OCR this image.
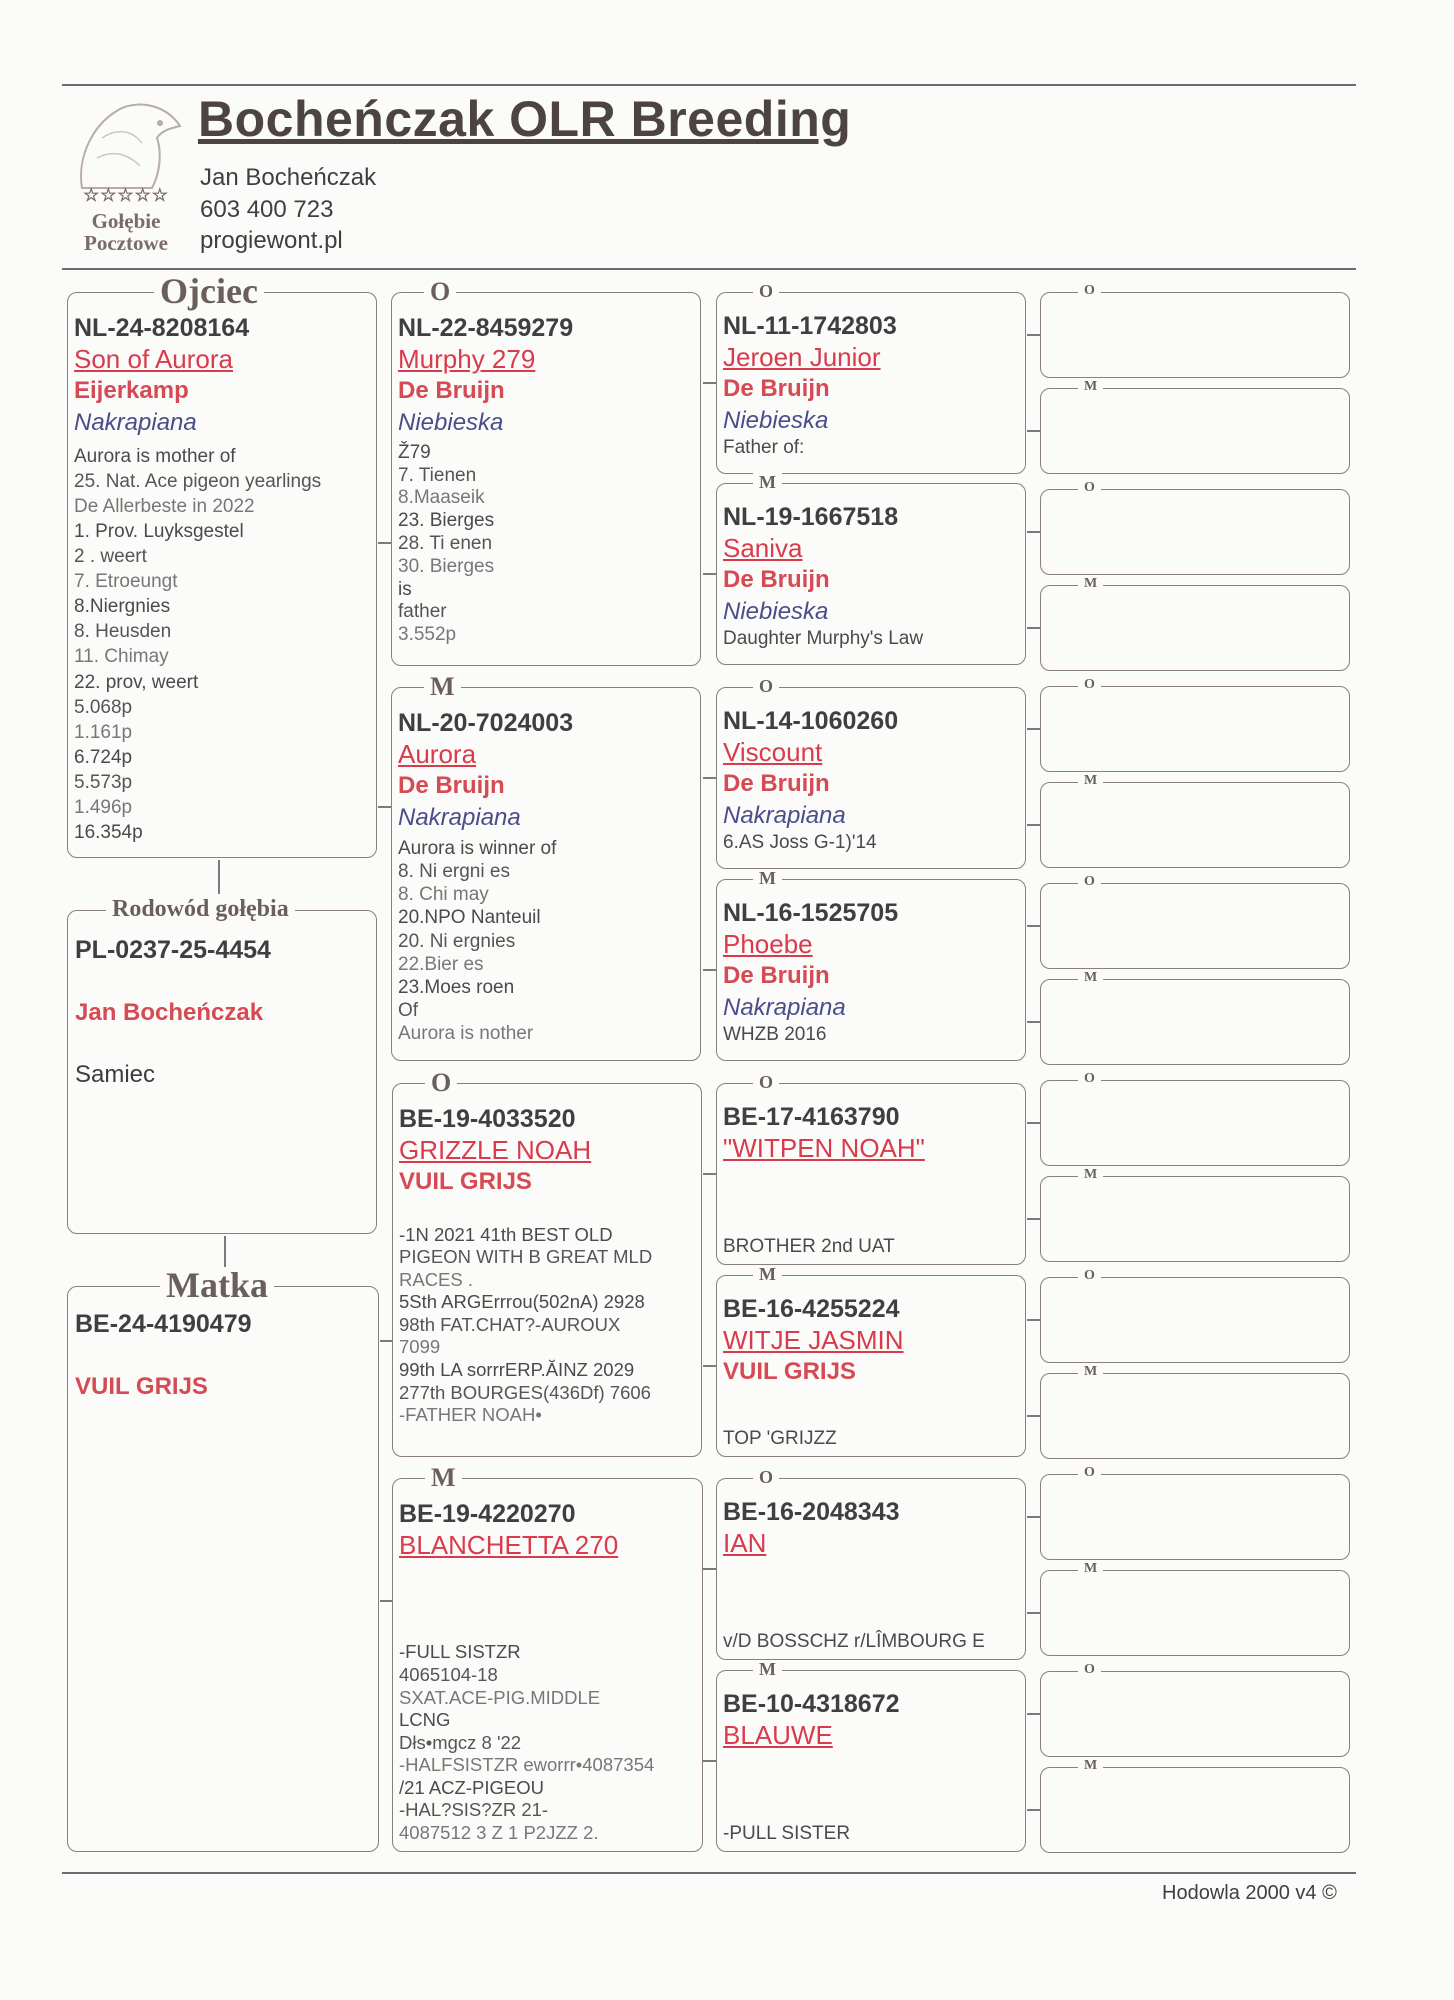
☆☆☆☆☆
Gołębie
Pocztowe
Bocheńczak OLR Breeding
Jan Bocheńczak
603 400 723
progiewont.pl
Ojciec
NL-24-8208164
Son of Aurora
Eijerkamp
Nakrapiana
Aurora is mother of
25. Nat. Ace pigeon yearlings
De Allerbeste in 2022
1. Prov. Luyksgestel
2 . weert
7. Etroeungt
8.Niergnies
8. Heusden
11. Chimay
22. prov, weert
5.068p
1.161p
6.724p
5.573p
1.496p
16.354p
Rodowód gołębia
PL-0237-25-4454
Jan Bocheńczak
Samiec
Matka
BE-24-4190479
VUIL GRIJS
O
NL-22-8459279
Murphy 279
De Bruijn
Niebieska
Ž79
7. Tienen
8.Maaseik
23. Bierges
28. Ti enen
30. Bierges
is
father
3.552p
M
NL-20-7024003
Aurora
De Bruijn
Nakrapiana
Aurora is winner of
8. Ni ergni es
8. Chi may
20.NPO Nanteuil
20. Ni ergnies
22.Bier es
23.Moes roen
Of
Aurora is nother
O
BE-19-4033520
GRIZZLE NOAH
VUIL GRIJS
-1N 2021 41th BEST OLD
PIGEON WITH B GREAT MLD
RACES .
5Sth ARGErrrou(502nA) 2928
98th FAT.CHAT?-AUROUX
7099
99th LA sorrrERP.ĂINZ 2029
277th BOURGES(436Df) 7606
-FATHER NOAH•
M
BE-19-4220270
BLANCHETTA 270
-FULL SISTZR
4065104-18
SXAT.ACE-PIG.MIDDLE
LCNG
Dłs•mgcz 8 '22
-HALFSISTZR eworrr•4087354
/21 ACZ-PIGEOU
-HAL?SIS?ZR 21-
4087512 3 Z 1 P2JZZ 2.
O
NL-11-1742803
Jeroen Junior
De Bruijn
Niebieska
Father of:
M
NL-19-1667518
Saniva
De Bruijn
Niebieska
Daughter Murphy's Law
O
NL-14-1060260
Viscount
De Bruijn
Nakrapiana
6.AS Joss G-1)'14
M
NL-16-1525705
Phoebe
De Bruijn
Nakrapiana
WHZB 2016
O
BE-17-4163790
"WITPEN NOAH"
BROTHER 2nd UAT
M
BE-16-4255224
WITJE JASMIN
VUIL GRIJS
TOP 'GRIJZZ
O
BE-16-2048343
IAN
v/D BOSSCHZ r/LÎMBOURG E
M
BE-10-4318672
BLAUWE
-PULL SISTER
O
M
O
M
O
M
O
M
O
M
O
M
O
M
O
M
Hodowla 2000 v4 ©
